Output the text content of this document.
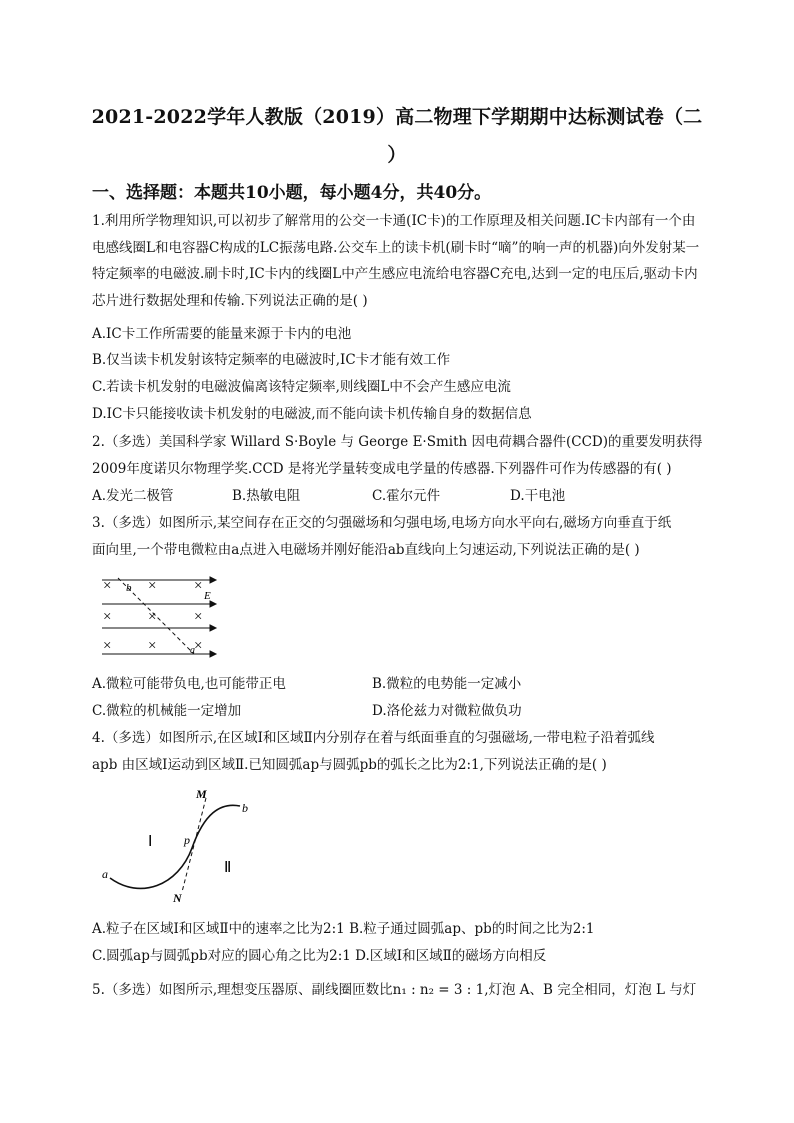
2021-2022学年人教版（2019）高二物理下学期期中达标测试卷（二
）
一、选择题：本题共10小题，每小题4分，共40分。
1.利用所学物理知识,可以初步了解常用的公交一卡通(IC卡)的工作原理及相关问题.IC卡内部有一个由电感线圈L和电容器C构成的LC振荡电路.公交车上的读卡机(刷卡时“嘀”的响一声的机器)向外发射某一特定频率的电磁波.刷卡时,IC卡内的线圈L中产生感应电流给电容器C充电,达到一定的电压后,驱动卡内芯片进行数据处理和传输.下列说法正确的是( )
A.IC卡工作所需要的能量来源于卡内的电池
B.仅当读卡机发射该特定频率的电磁波时,IC卡才能有效工作
C.若读卡机发射的电磁波偏离该特定频率,则线圈L中不会产生感应电流
D.IC卡只能接收读卡机发射的电磁波,而不能向读卡机传输自身的数据信息
2.（多选）美国科学家 Willard S·Boyle 与 George E·Smith 因电荷耦合器件(CCD)的重要发明获得
2009年度诺贝尔物理学奖.CCD 是将光学量转变成电学量的传感器.下列器件可作为传感器的有( )
A.发光二极管	B.热敏电阻	C.霍尔元件	D.干电池
3.（多选）如图所示,某空间存在正交的匀强磁场和匀强电场,电场方向水平向右,磁场方向垂直于纸
面向里,一个带电微粒由a点进入电磁场并刚好能沿ab直线向上匀速运动,下列说法正确的是( )
× ×	×
× ×	×
× ×	×
b
E
a
A.微粒可能带负电,也可能带正电	B.微粒的电势能一定减小
C.微粒的机械能一定增加	D.洛伦兹力对微粒做负功
4.（多选）如图所示,在区域Ⅰ和区域Ⅱ内分别存在着与纸面垂直的匀强磁场,一带电粒子沿着弧线
apb 由区域Ⅰ运动到区域Ⅱ.已知圆弧ap与圆弧pb的弧长之比为2:1,下列说法正确的是( )
M
N
p
a
b
Ⅰ
Ⅱ
A.粒子在区域Ⅰ和区域Ⅱ中的速率之比为2:1 B.粒子通过圆弧ap、pb的时间之比为2:1
C.圆弧ap与圆弧pb对应的圆心角之比为2:1 D.区域Ⅰ和区域Ⅱ的磁场方向相反
5.（多选）如图所示,理想变压器原、副线圈匝数比n₁ : n₂ = 3 : 1,灯泡 A、B 完全相同，灯泡 L 与灯
